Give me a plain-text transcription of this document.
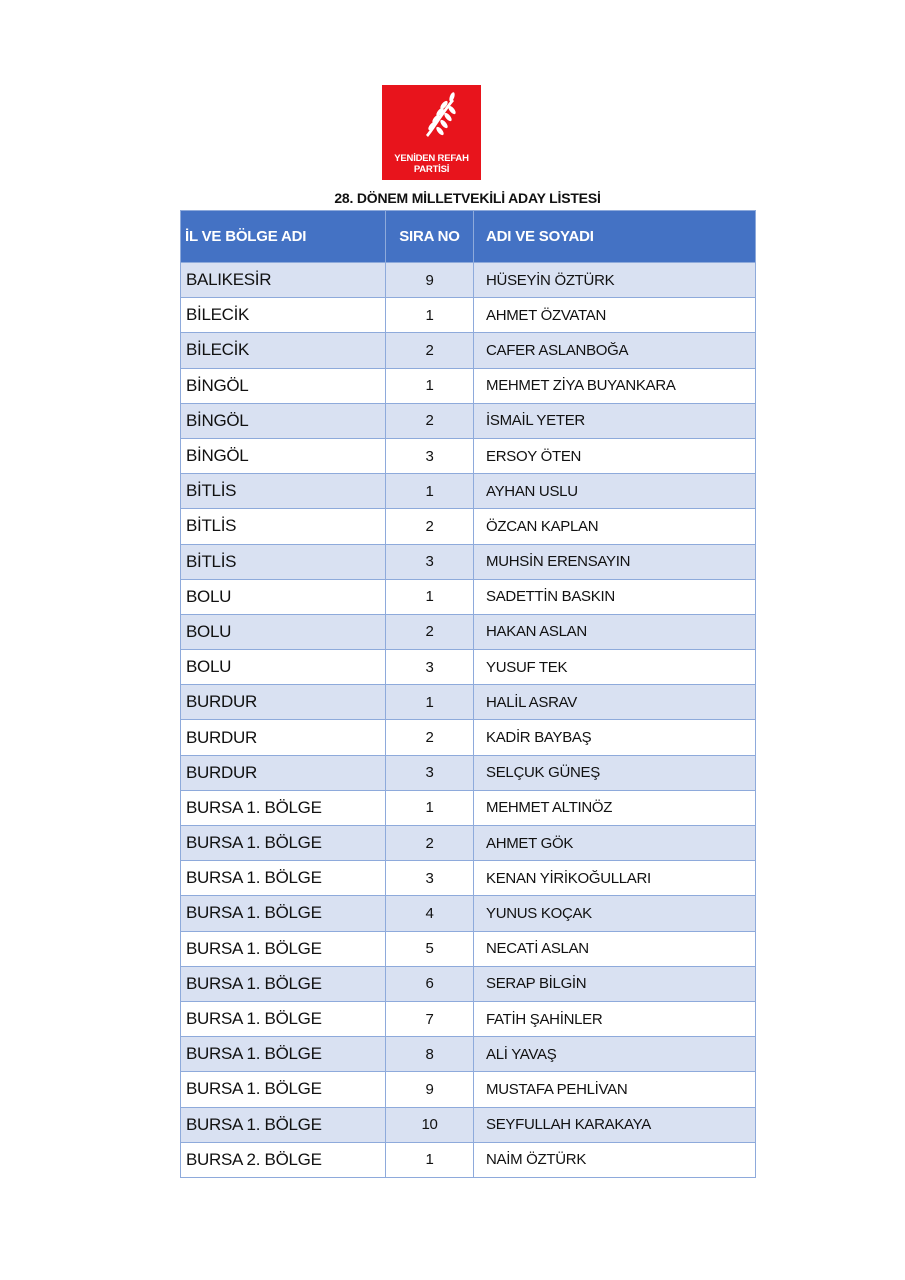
YENİDEN REFAH
PARTİSİ
28. DÖNEM MİLLETVEKİLİ ADAY LİSTESİ
İL VE BÖLGE ADI	SIRA NO	ADI VE SOYADI
BALIKESİR	9	HÜSEYİN ÖZTÜRK
BİLECİK	1	AHMET ÖZVATAN
BİLECİK	2	CAFER ASLANBOĞA
BİNGÖL	1	MEHMET ZİYA BUYANKARA
BİNGÖL	2	İSMAİL YETER
BİNGÖL	3	ERSOY ÖTEN
BİTLİS	1	AYHAN USLU
BİTLİS	2	ÖZCAN KAPLAN
BİTLİS	3	MUHSİN ERENSAYIN
BOLU	1	SADETTİN BASKIN
BOLU	2	HAKAN ASLAN
BOLU	3	YUSUF TEK
BURDUR	1	HALİL ASRAV
BURDUR	2	KADİR BAYBAŞ
BURDUR	3	SELÇUK GÜNEŞ
BURSA 1. BÖLGE	1	MEHMET ALTINÖZ
BURSA 1. BÖLGE	2	AHMET GÖK
BURSA 1. BÖLGE	3	KENAN YİRİKOĞULLARI
BURSA 1. BÖLGE	4	YUNUS KOÇAK
BURSA 1. BÖLGE	5	NECATİ ASLAN
BURSA 1. BÖLGE	6	SERAP BİLGİN
BURSA 1. BÖLGE	7	FATİH ŞAHİNLER
BURSA 1. BÖLGE	8	ALİ YAVAŞ
BURSA 1. BÖLGE	9	MUSTAFA PEHLİVAN
BURSA 1. BÖLGE	10	SEYFULLAH KARAKAYA
BURSA 2. BÖLGE	1	NAİM ÖZTÜRK
